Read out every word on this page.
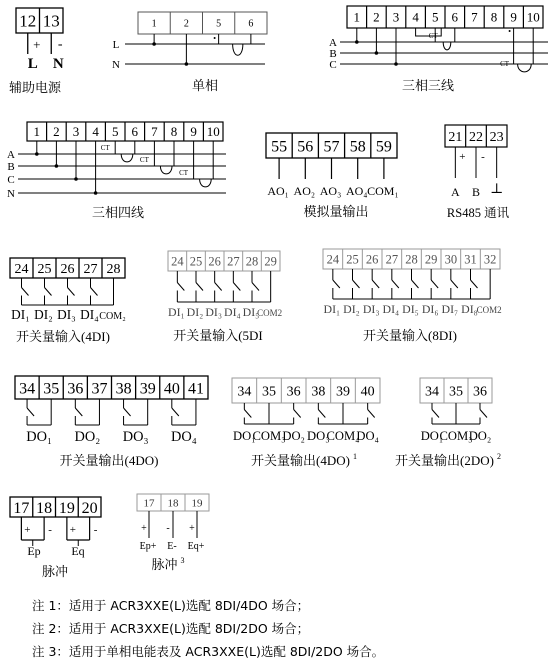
12 13
+ -
L N
辅助电源
1	2	5	6
L
N
单相
1 2 3 4 5 6 7 8 9 10
A
B
C
CT
CT
三相三线
1 2 3 4 5 6 7 8 9 10
A
B
C
N
CT
CT
CT
三相四线
55 56 57 58 59
AO₁ AO₂ AO₃ AO₄ COM₁
模拟量输出
21 22 23
+ -
A B ⊥
RS485 通讯
24 25 26 27 28
DI₁ DI₂ DI₃ DI₄ COM₂
开关量输入(4DI)
24 25 26 27 28 29
DI₁ DI₂ DI₃ DI₄ DI₅
COM2
开关量输入(5DI
24 25 26 27 28 29 30 31 32
DI₁ DI₂ DI₃ DI₄ DI₅ DI₆ DI₇ DI₈
COM2
开关量输入(8DI)
34 35 36 37 38 39 40 41
DO₁ DO₂ DO₃ DO₄
开关量输出(4DO)
34 35 36 38 39 40
DO₁
COM₃
DO₂ DO₃
COM₄
DO₄
开关量输出(4DO) $^1$
34 35 36
DO₁
COM₃
DO₂
开关量输出(2DO) $^2$
17 18 19 20
+ - + -
Ep	Eq
脉冲
17 18 19
+ - +
Ep+ E- Eq+
脉冲 $^3$
注 1：适用于 ACR3XXE(L)选配 8DI/4DO 场合；
注 2：适用于 ACR3XXE(L)选配 8DI/2DO 场合；
注 3：适用于单相电能表及 ACR3XXE(L)选配 8DI/2DO 场合。
